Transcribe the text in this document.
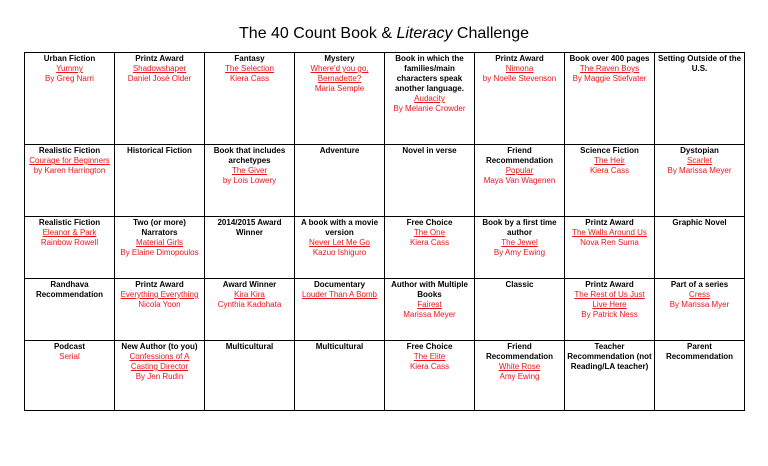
The 40 Count Book & Literacy Challenge
Urban Fiction
Yummy
By Greg Narri	Printz Award
Shadowshaper
Daniel José Older	Fantasy
The Selection
Kiera Cass	Mystery
Where'd you go, Bernadette?
Maria Semple	Book in which the families/main characters speak another language.
Audacity
By Melanie Crowder	Printz Award
Nimona
by Noelle Stevenson	Book over 400 pages
The Raven Boys
By Maggie Stiefvater	Setting Outside of the U.S.

Realistic Fiction
Courage for Beginners
by Karen Harrington	Historical Fiction	Book that includes archetypes
The Giver
by Lois Lowery	Adventure	Novel in verse	Friend Recommendation
Popular
Maya Van Wagenen	Science Fiction
The Heir
Kiera Cass	Dystopian
Scarlet
By Marissa Meyer

Realistic Fiction
Eleanor & Park
Rainbow Rowell	Two (or more) Narrators
Material Girls
By Elaine Dimopoulos	2014/2015 Award Winner	A book with a movie version
Never Let Me Go
Kazuo Ishiguro	Free Choice
The One
Kiera Cass	Book by a first time author
The Jewel
By Amy Ewing	Printz Award
The Walls Around Us
Nova Ren Suma	Graphic Novel

Randhava Recommendation	Printz Award
Everything Everything
Nicola Yoon	Award Winner
Kira Kira
Cynthia Kadohata	Documentary
Louder Than A Bomb	Author with Multiple Books
Fairest
Marissa Meyer	Classic	Printz Award
The Rest of Us Just Live Here
By Patrick Ness	Part of a series
Cress
By Marissa Myer

Podcast
Serial	New Author (to you)
Confessions of A Casting Director
By Jen Rudin	Multicultural	Multicultural	Free Choice
The Elite
Kiera Cass	Friend Recommendation
White Rose
Amy Ewing	Teacher Recommendation (not Reading/LA teacher)	Parent Recommendation
